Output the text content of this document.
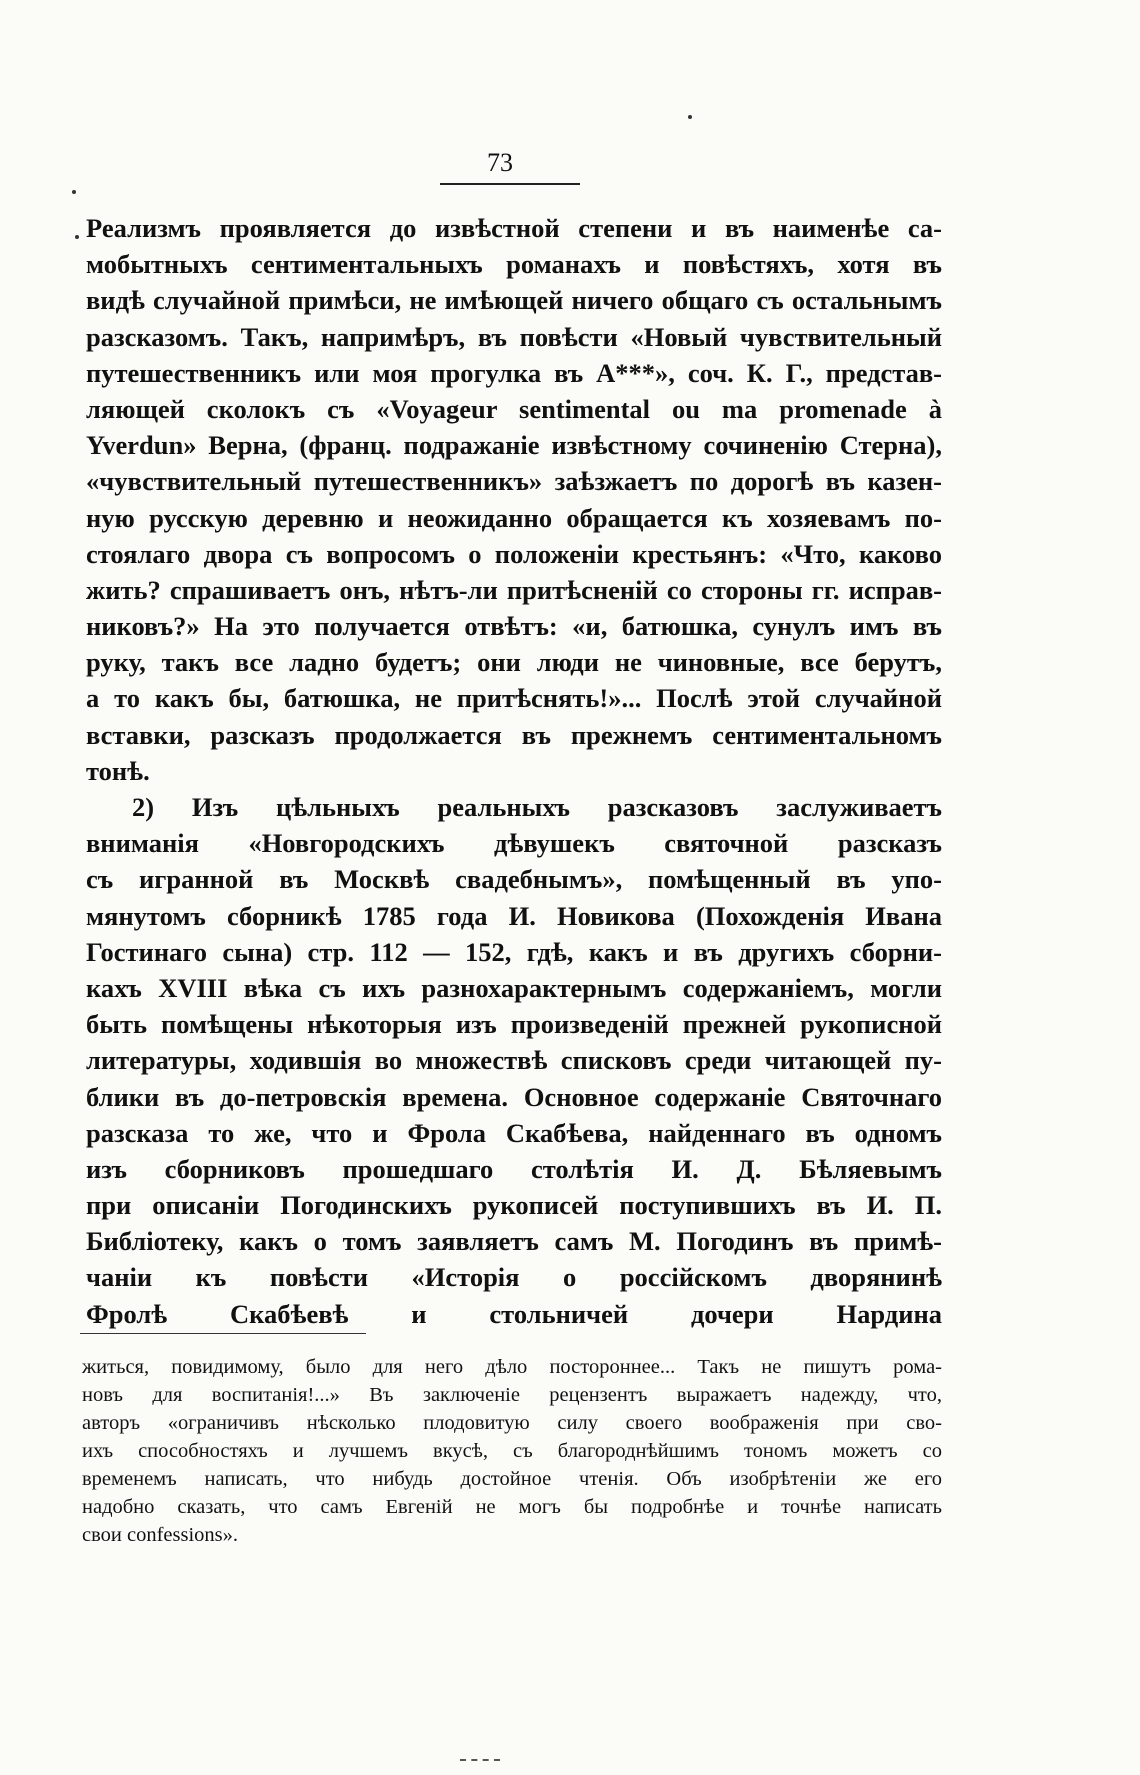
73
Реализмъ проявляется до извѣстной степени и въ наименѣе са-
мобытныхъ сентиментальныхъ романахъ и повѣстяхъ, хотя въ
видѣ случайной примѣси, не имѣющей ничего общаго съ остальнымъ
разсказомъ. Такъ, напримѣръ, въ повѣсти «Новый чувствительный
путешественникъ или моя прогулка въ А***», соч. К. Г., представ-
ляющей сколокъ съ «Voyageur sentimental ou ma promenade à
Yverdun» Верна, (франц. подражаніе извѣстному сочиненію Стерна),
«чувствительный путешественникъ» заѣзжаетъ по дорогѣ въ казен-
ную русскую деревню и неожиданно обращается къ хозяевамъ по-
стоялаго двора съ вопросомъ о положеніи крестьянъ: «Что, каково
жить? спрашиваетъ онъ, нѣтъ-ли притѣсненій со стороны гг. исправ-
никовъ?» На это получается отвѣтъ: «и, батюшка, сунулъ имъ въ
руку, такъ все ладно будетъ; они люди не чиновные, все берутъ,
а то какъ бы, батюшка, не притѣснять!»... Послѣ этой случайной
вставки, разсказъ продолжается въ прежнемъ сентиментальномъ
тонѣ.
2) Изъ цѣльныхъ реальныхъ разсказовъ заслуживаетъ
вниманія «Новгородскихъ дѣвушекъ святочной разсказъ
съ игранной въ Москвѣ свадебнымъ», помѣщенный въ упо-
мянутомъ сборникѣ 1785 года И. Новикова (Похожденія Ивана
Гостинаго сына) стр. 112 — 152, гдѣ, какъ и въ другихъ сборни-
кахъ XVIII вѣка съ ихъ разнохарактернымъ содержаніемъ, могли
быть помѣщены нѣкоторыя изъ произведеній прежней рукописной
литературы, ходившія во множествѣ списковъ среди читающей пу-
блики въ до-петровскія времена. Основное содержаніе Святочнаго
разсказа то же, что и Фрола Скабѣева, найденнаго въ одномъ
изъ сборниковъ прошедшаго столѣтія И. Д. Бѣляевымъ
при описаніи Погодинскихъ рукописей поступившихъ въ И. П.
Библіотеку, какъ о томъ заявляетъ самъ М. Погодинъ въ примѣ-
чаніи къ повѣсти «Исторія о россійскомъ дворянинѣ
Фролѣ Скабѣевѣ и стольничей дочери Нардина
житься, повидимому, было для него дѣло постороннее... Такъ не пишутъ рома-
новъ для воспитанія!...» Въ заключеніе рецензентъ выражаетъ надежду, что,
авторъ «ограничивъ нѣсколько плодовитую силу своего воображенія при сво-
ихъ способностяхъ и лучшемъ вкусѣ, съ благороднѣйшимъ тономъ можетъ со
временемъ написать, что нибудь достойное чтенія. Объ изобрѣтеніи же его
надобно сказать, что самъ Евгеній не могъ бы подробнѣе и точнѣе написать
свои confessions».
